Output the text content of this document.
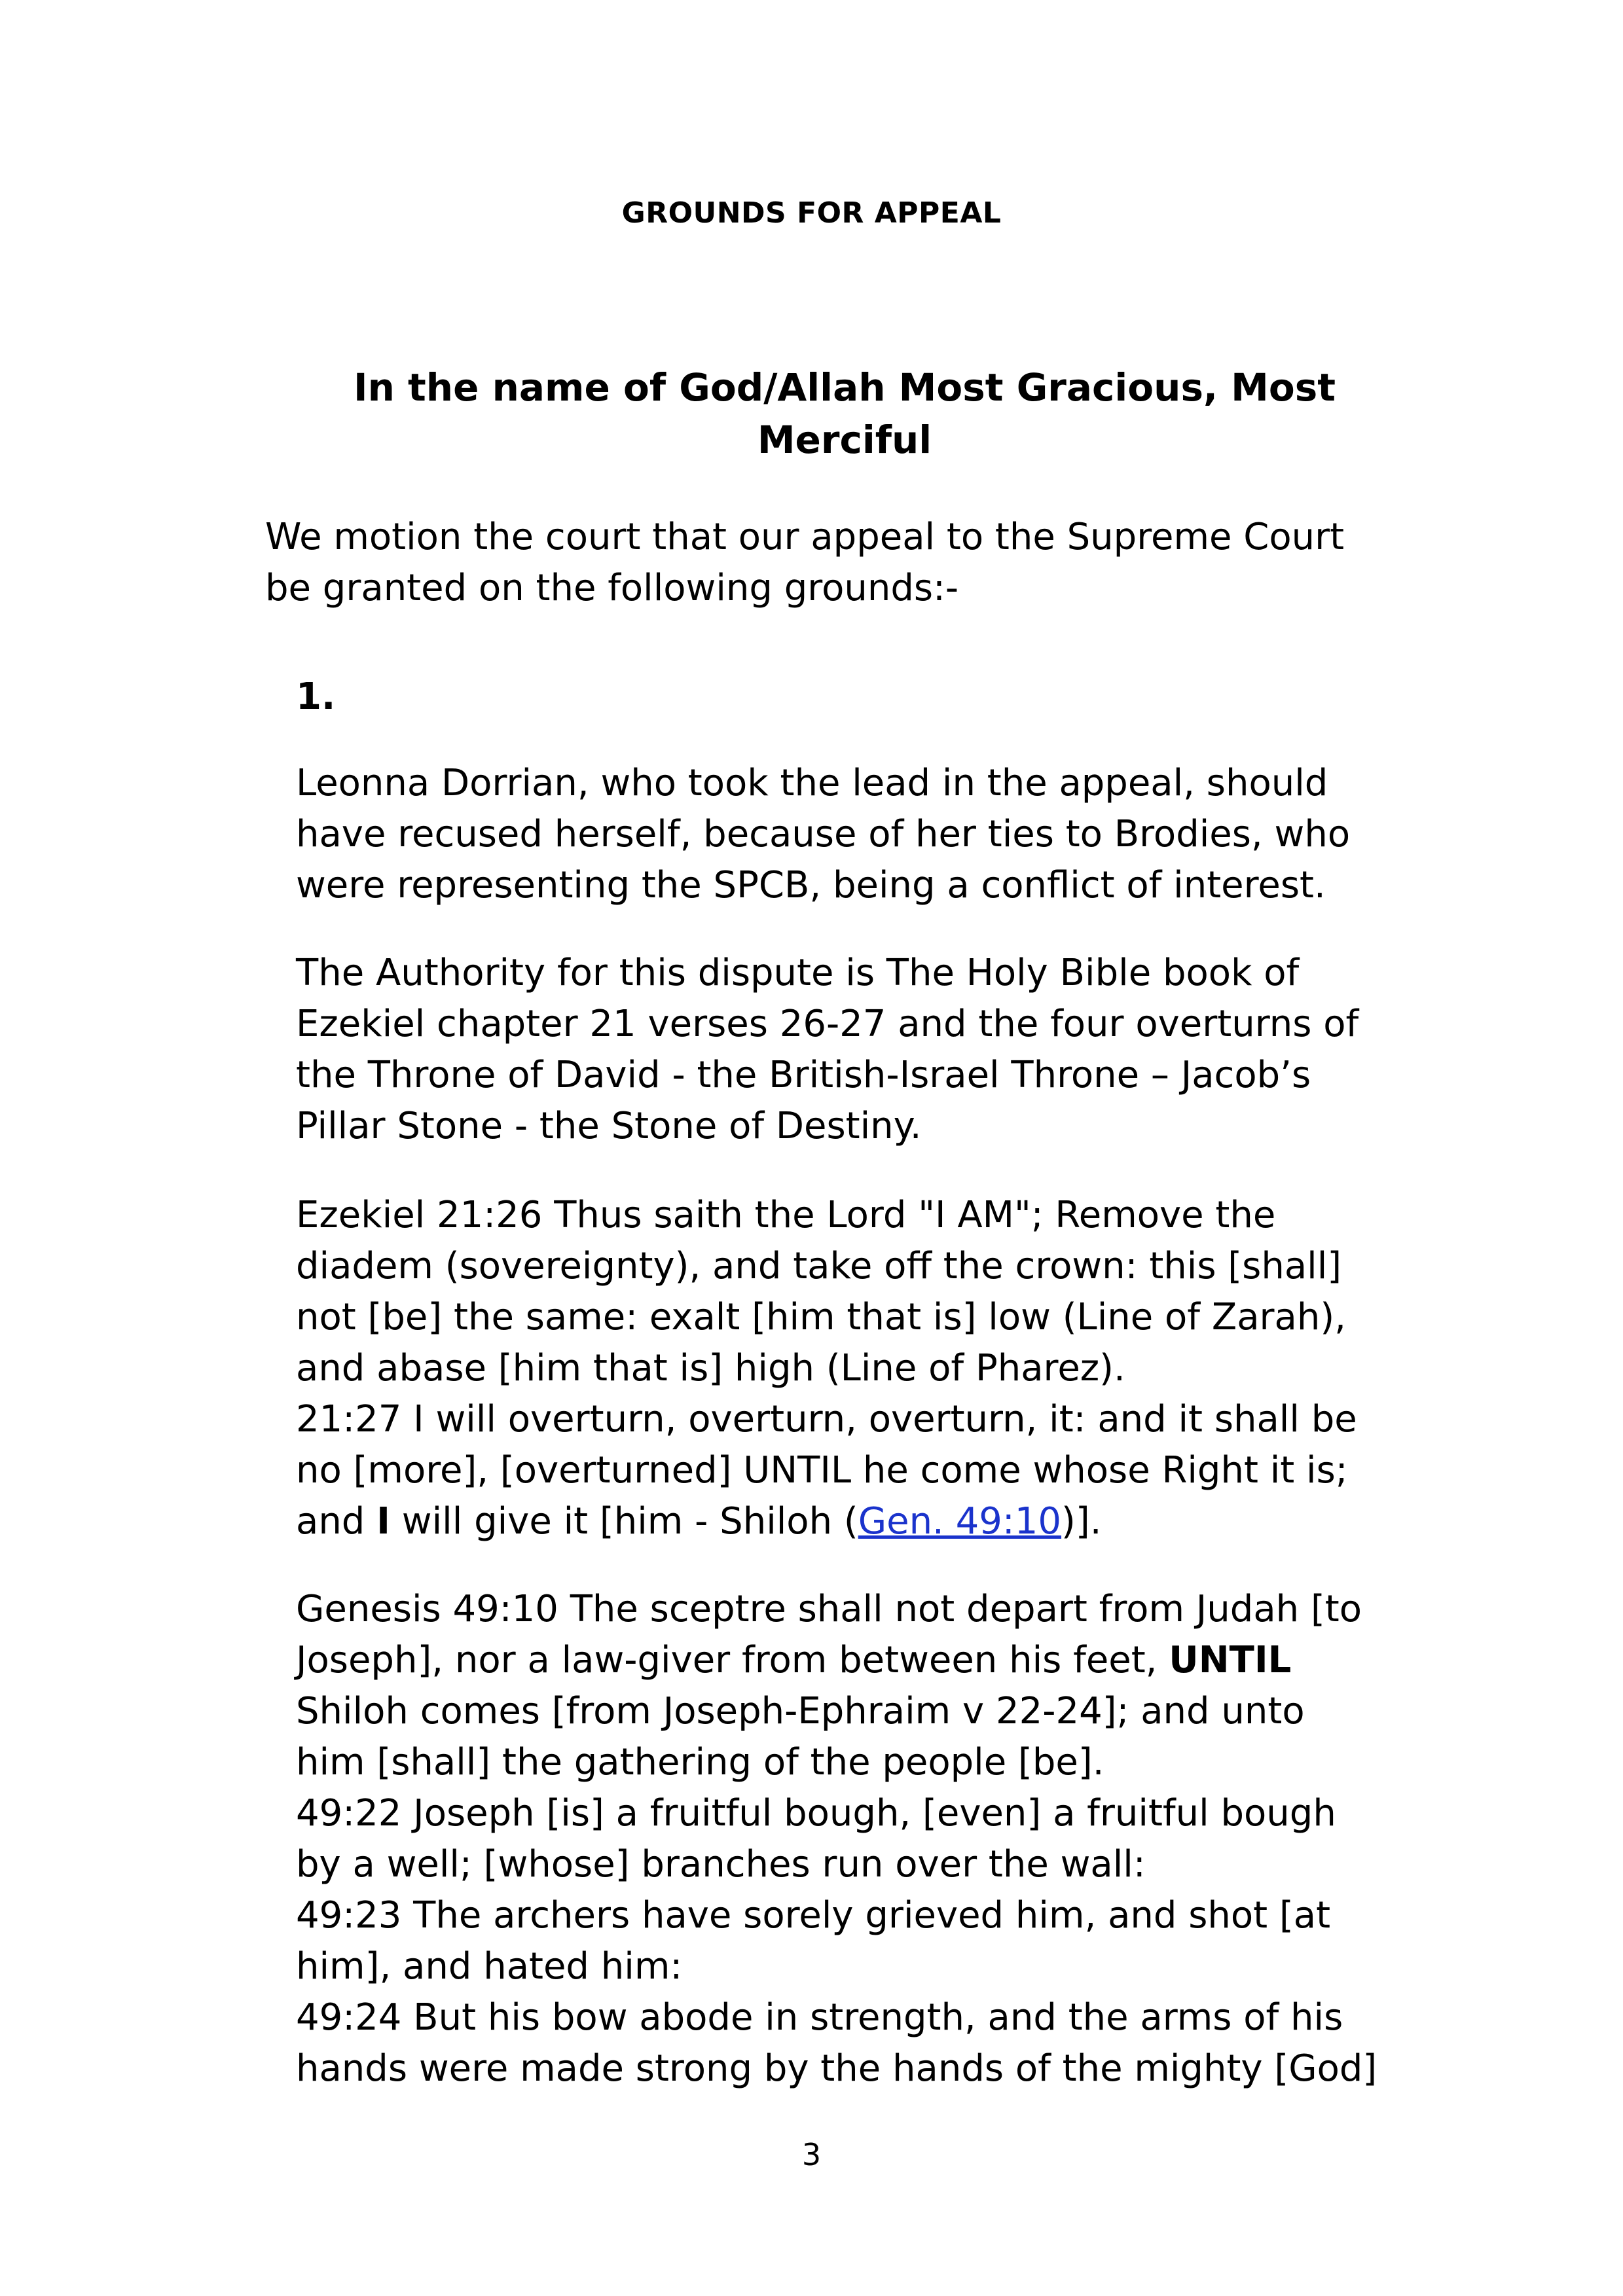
GROUNDS FOR APPEAL
In the name of God/Allah Most Gracious, Most
Merciful
We motion the court that our appeal to the Supreme Court
be granted on the following grounds:-
1.
Leonna Dorrian, who took the lead in the appeal, should
have recused herself, because of her ties to Brodies, who
were representing the SPCB, being a conflict of interest.
The Authority for this dispute is The Holy Bible book of
Ezekiel chapter 21 verses 26-27 and the four overturns of
the Throne of David - the British-Israel Throne – Jacob’s
Pillar Stone - the Stone of Destiny.
Ezekiel 21:26 Thus saith the Lord "I AM"; Remove the
diadem (sovereignty), and take off the crown: this [shall]
not [be] the same: exalt [him that is] low (Line of Zarah),
and abase [him that is] high (Line of Pharez).
21:27 I will overturn, overturn, overturn, it: and it shall be
no [more], [overturned] UNTIL he come whose Right it is;
and I will give it [him - Shiloh (Gen. 49:10)].
Genesis 49:10 The sceptre shall not depart from Judah [to
Joseph], nor a law-giver from between his feet, UNTIL
Shiloh comes [from Joseph-Ephraim v 22-24]; and unto
him [shall] the gathering of the people [be].
49:22 Joseph [is] a fruitful bough, [even] a fruitful bough
by a well; [whose] branches run over the wall:
49:23 The archers have sorely grieved him, and shot [at
him], and hated him:
49:24 But his bow abode in strength, and the arms of his
hands were made strong by the hands of the mighty [God]
3
